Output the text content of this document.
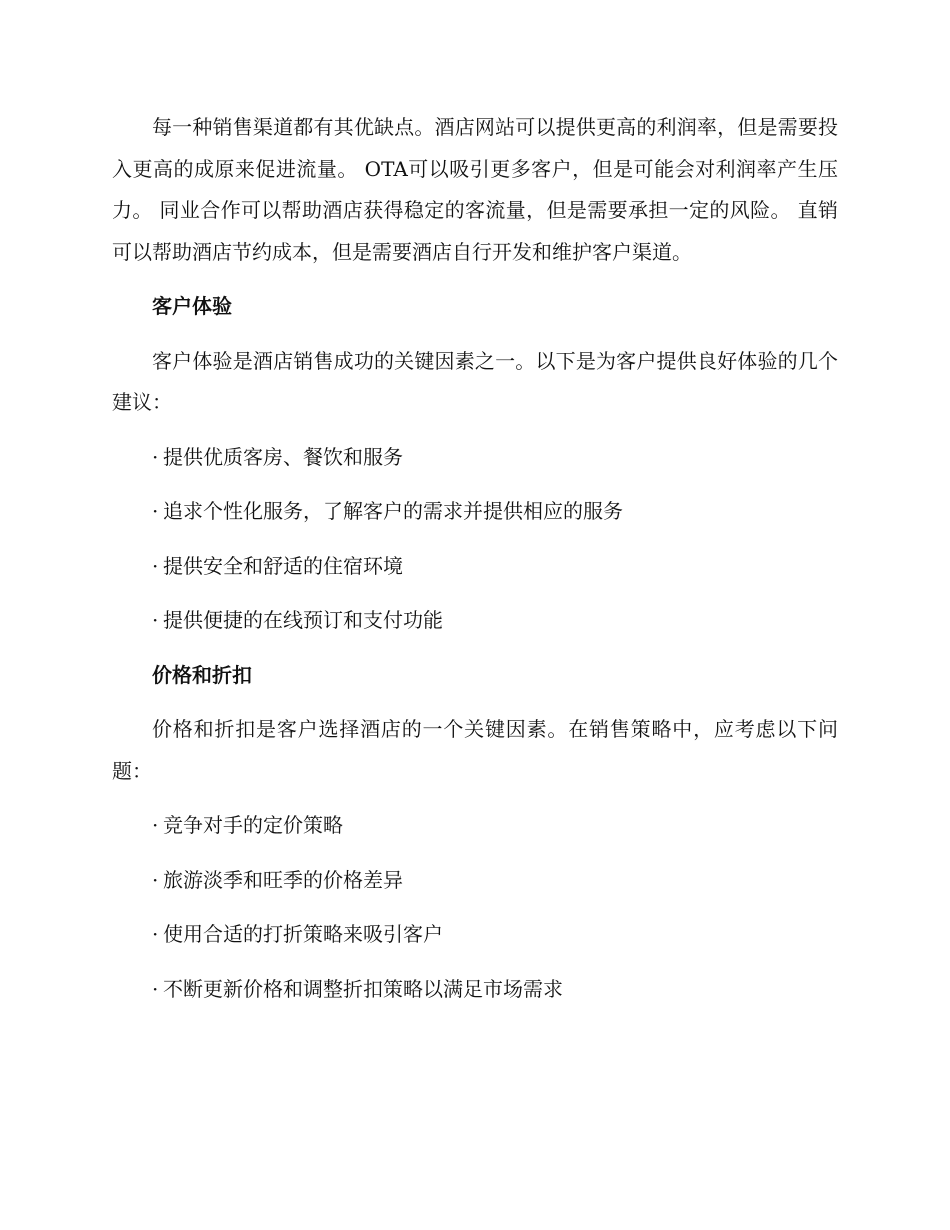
每一种销售渠道都有其优缺点。酒店网站可以提供更高的利润率，但是需要投入更高的成原来促进流量。 OTA可以吸引更多客户，但是可能会对利润率产生压力。 同业合作可以帮助酒店获得稳定的客流量，但是需要承担一定的风险。 直销可以帮助酒店节约成本，但是需要酒店自行开发和维护客户渠道。

客户体验

客户体验是酒店销售成功的关键因素之一。以下是为客户提供良好体验的几个建议：

· 提供优质客房、餐饮和服务

· 追求个性化服务，了解客户的需求并提供相应的服务

· 提供安全和舒适的住宿环境

· 提供便捷的在线预订和支付功能

价格和折扣

价格和折扣是客户选择酒店的一个关键因素。在销售策略中，应考虑以下问题：

· 竞争对手的定价策略

· 旅游淡季和旺季的价格差异

· 使用合适的打折策略来吸引客户

· 不断更新价格和调整折扣策略以满足市场需求
